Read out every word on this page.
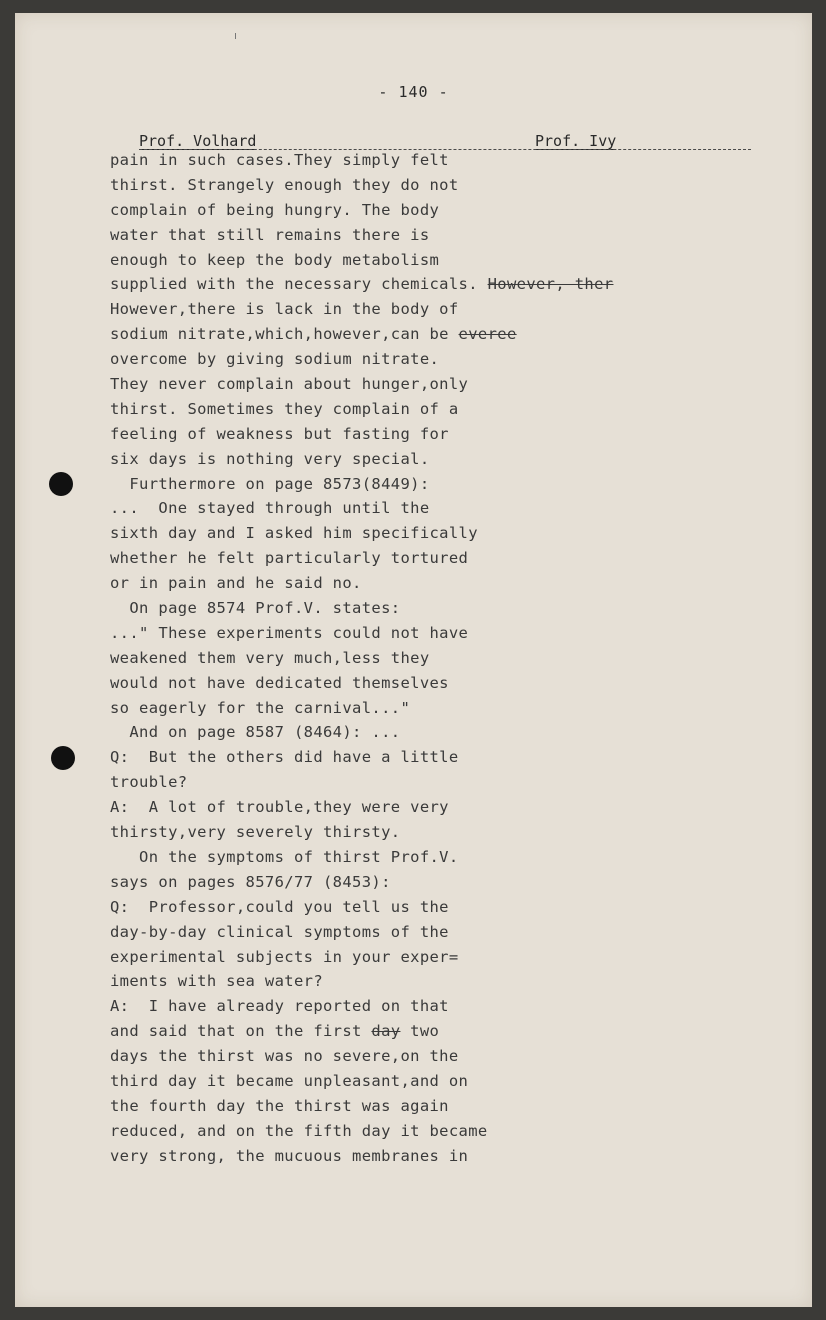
- 140 -
Prof. Volhard	Prof. Ivy
pain in such cases.They simply felt
thirst. Strangely enough they do not
complain of being hungry. The body
water that still remains there is
enough to keep the body metabolism
supplied with the necessary chemicals. However, ther
However,there is lack in the body of
sodium nitrate,which,however,can be everee
overcome by giving sodium nitrate.
They never complain about hunger,only
thirst. Sometimes they complain of a
feeling of weakness but fasting for
six days is nothing very special.
Furthermore on page 8573(8449):
...  One stayed through until the
sixth day and I asked him specifically
whether he felt particularly tortured
or in pain and he said no.
On page 8574 Prof.V. states:
..." These experiments could not have
weakened them very much,less they
would not have dedicated themselves
so eagerly for the carnival..."
And on page 8587 (8464): ...
Q:  But the others did have a little
trouble?
A:  A lot of trouble,they were very
thirsty,very severely thirsty.
On the symptoms of thirst Prof.V.
says on pages 8576/77 (8453):
Q:  Professor,could you tell us the
day-by-day clinical symptoms of the
experimental subjects in your exper=
iments with sea water?
A:  I have already reported on that
and said that on the first day two
days the thirst was no severe,on the
third day it became unpleasant,and on
the fourth day the thirst was again
reduced, and on the fifth day it became
very strong, the mucuous membranes in
